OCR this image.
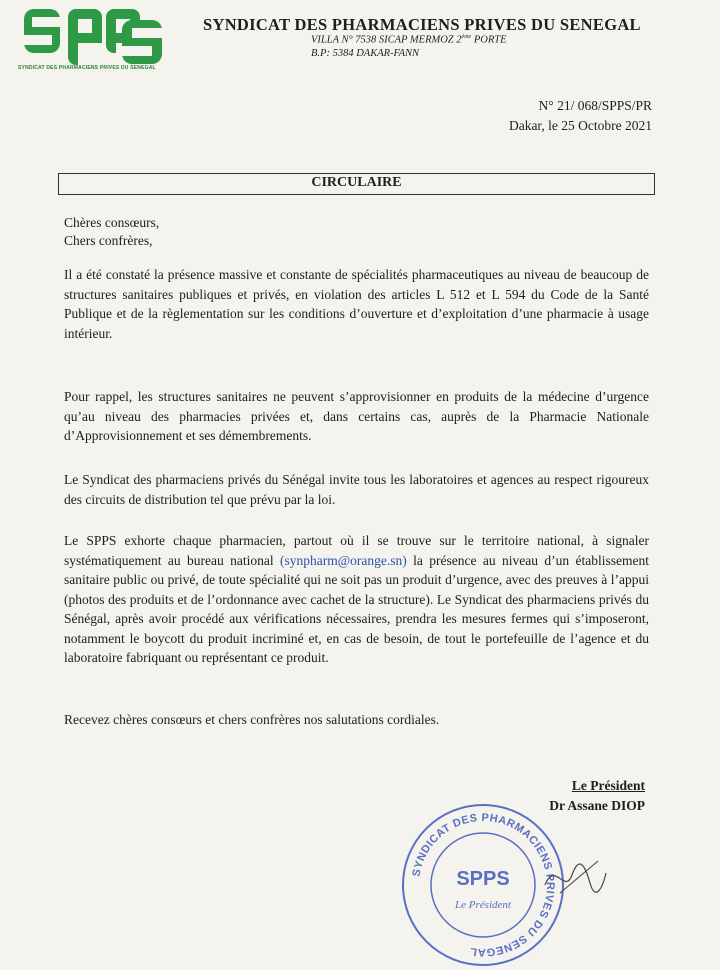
SYNDICAT DES PHARMACIENS PRIVES DU SENEGAL
SYNDICAT DES PHARMACIENS PRIVES DU SENEGAL
VILLA N° 7538 SICAP MERMOZ 2ème PORTE
B.P: 5384 DAKAR-FANN
N° 21/ 068/SPPS/PR
Dakar, le 25 Octobre 2021
CIRCULAIRE
Chères consœurs,
Chers confrères,
Il a été constaté la présence massive et constante de spécialités pharmaceutiques au niveau de beaucoup de structures sanitaires publiques et privés, en violation des articles L 512 et L 594 du Code de la Santé Publique et de la règlementation sur les conditions d’ouverture et d’exploitation d’une pharmacie à usage intérieur.
Pour rappel, les structures sanitaires ne peuvent s’approvisionner en produits de la médecine d’urgence qu’au niveau des pharmacies privées et, dans certains cas, auprès de la Pharmacie Nationale d’Approvisionnement et ses démembrements.
Le Syndicat des pharmaciens privés du Sénégal invite tous les laboratoires et agences au respect rigoureux des circuits de distribution tel que prévu par la loi.
Le SPPS exhorte chaque pharmacien, partout où il se trouve sur le territoire national, à signaler systématiquement au bureau national (synpharm@orange.sn) la présence au niveau d’un établissement sanitaire public ou privé, de toute spécialité qui ne soit pas un produit d’urgence, avec des preuves à l’appui (photos des produits et de l’ordonnance avec cachet de la structure). Le Syndicat des pharmaciens privés du Sénégal, après avoir procédé aux vérifications nécessaires, prendra les mesures fermes qui s’imposeront, notamment le boycott du produit incriminé et, en cas de besoin, de tout le portefeuille de l’agence et du laboratoire fabriquant ou représentant ce produit.
Recevez chères consœurs et chers confrères nos salutations cordiales.
Le Président
Dr Assane DIOP
SYNDICAT DES PHARMACIENS PRIVES DU SENEGAL
SPPS
Le Président
